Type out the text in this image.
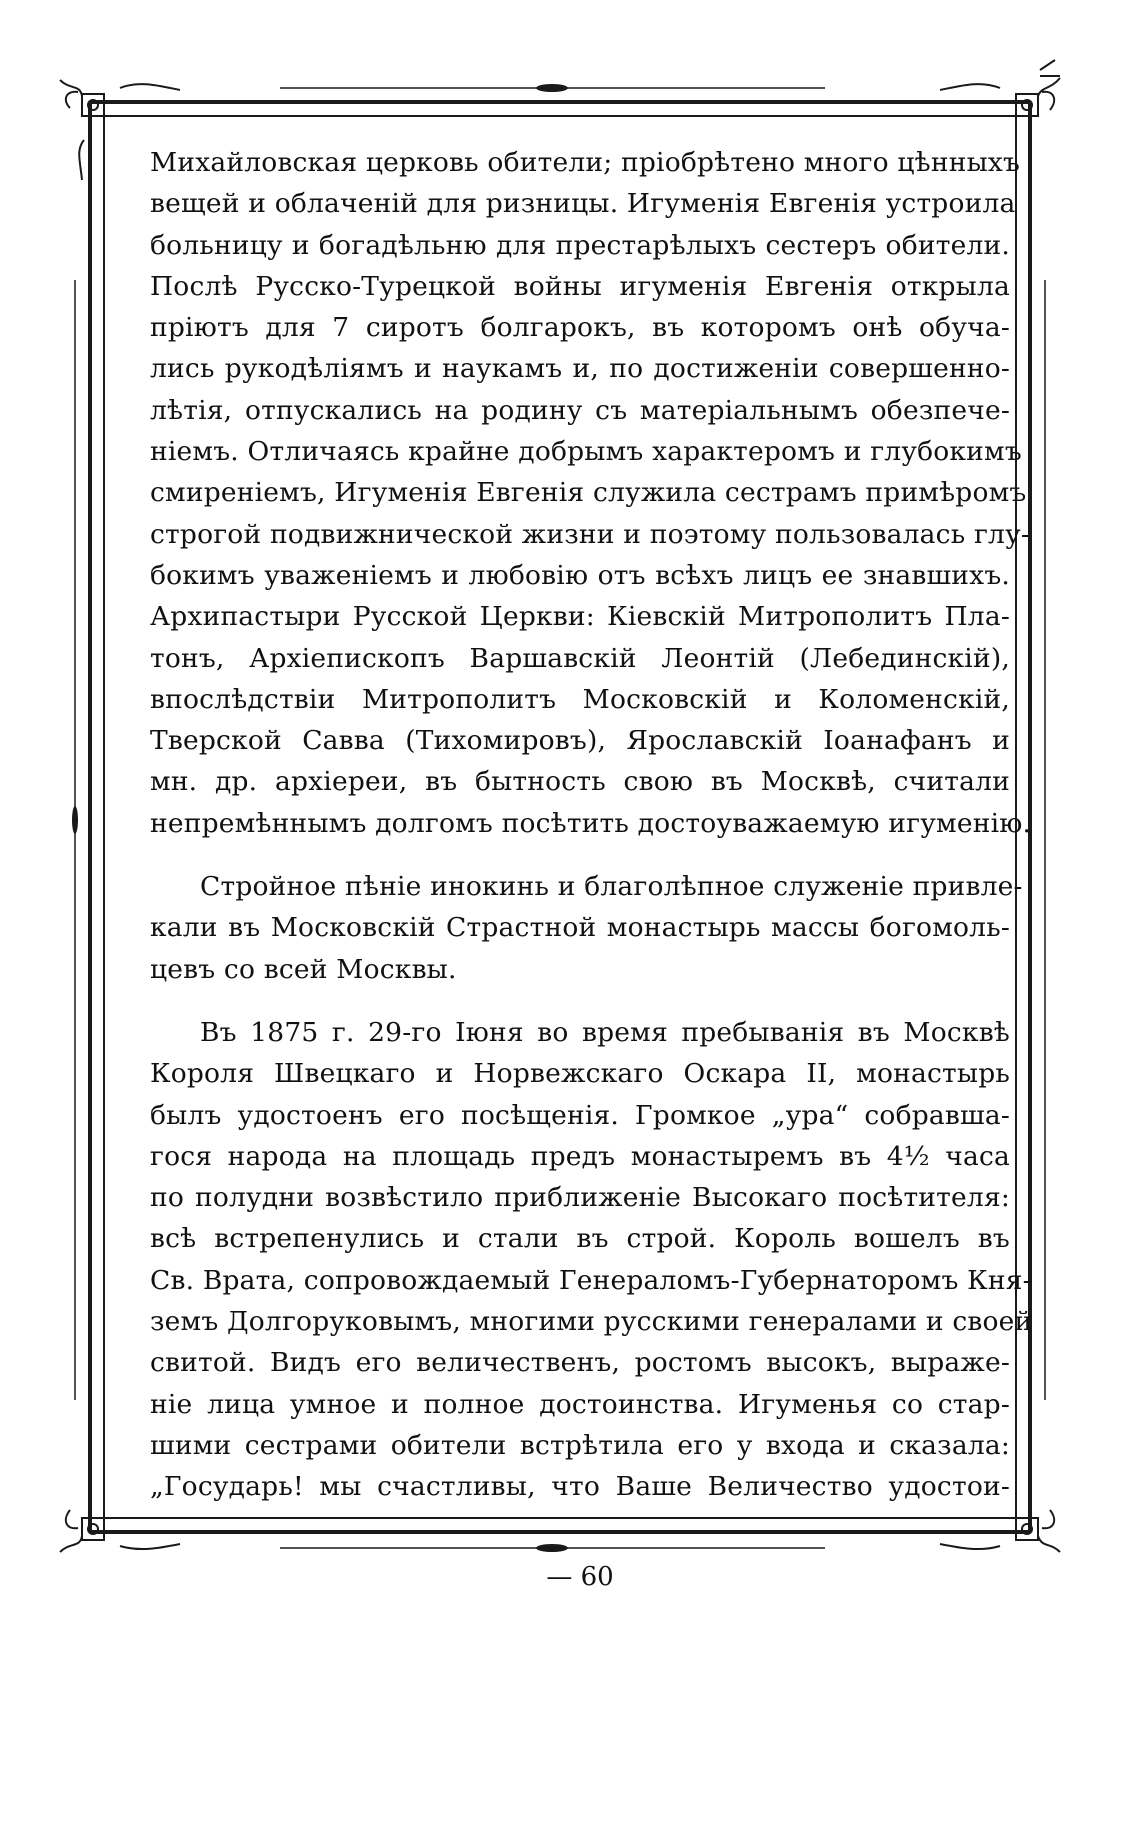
Михайловская церковь обители; пріобрѣтено много цѣнныхъ
вещей и облаченій для ризницы. Игуменія Евгенія устроила
больницу и богадѣльню для престарѣлыхъ сестеръ обители.
Послѣ Русско-Турецкой войны игуменія Евгенія открыла
пріютъ для 7 сиротъ болгарокъ, въ которомъ онѣ обуча-
лись рукодѣліямъ и наукамъ и, по достиженіи совершенно-
лѣтія, отпускались на родину съ матеріальнымъ обезпече-
ніемъ. Отличаясь крайне добрымъ характеромъ и глубокимъ
смиреніемъ, Игуменія Евгенія служила сестрамъ примѣромъ
строгой подвижнической жизни и поэтому пользовалась глу-
бокимъ уваженіемъ и любовію отъ всѣхъ лицъ ее знавшихъ.
Архипастыри Русской Церкви: Кіевскій Митрополитъ Пла-
тонъ, Архіепископъ Варшавскій Леонтій (Лебединскій),
впослѣдствіи Митрополитъ Московскій и Коломенскій,
Тверской Савва (Тихомировъ), Ярославскій Іоанафанъ и
мн. др. архіереи, въ бытность свою въ Москвѣ, считали
непремѣннымъ долгомъ посѣтить достоуважаемую игуменію.
Стройное пѣніе инокинь и благолѣпное служеніе привле-
кали въ Московскій Страстной монастырь массы богомоль-
цевъ со всей Москвы.
Въ 1875 г. 29-го Іюня во время пребыванія въ Москвѣ
Короля Швецкаго и Норвежскаго Оскара II, монастырь
былъ удостоенъ его посѣщенія. Громкое „ура“ собравша-
гося народа на площадь предъ монастыремъ въ 4½ часа
по полудни возвѣстило приближеніе Высокаго посѣтителя:
всѣ встрепенулись и стали въ строй. Король вошелъ въ
Св. Врата, сопровождаемый Генераломъ-Губернаторомъ Кня-
земъ Долгоруковымъ, многими русскими генералами и своей
свитой. Видъ его величественъ, ростомъ высокъ, выраже-
ніе лица умное и полное достоинства. Игуменья со стар-
шими сестрами обители встрѣтила его у входа и сказала:
„Государь! мы счастливы, что Ваше Величество удостои-
— 60
